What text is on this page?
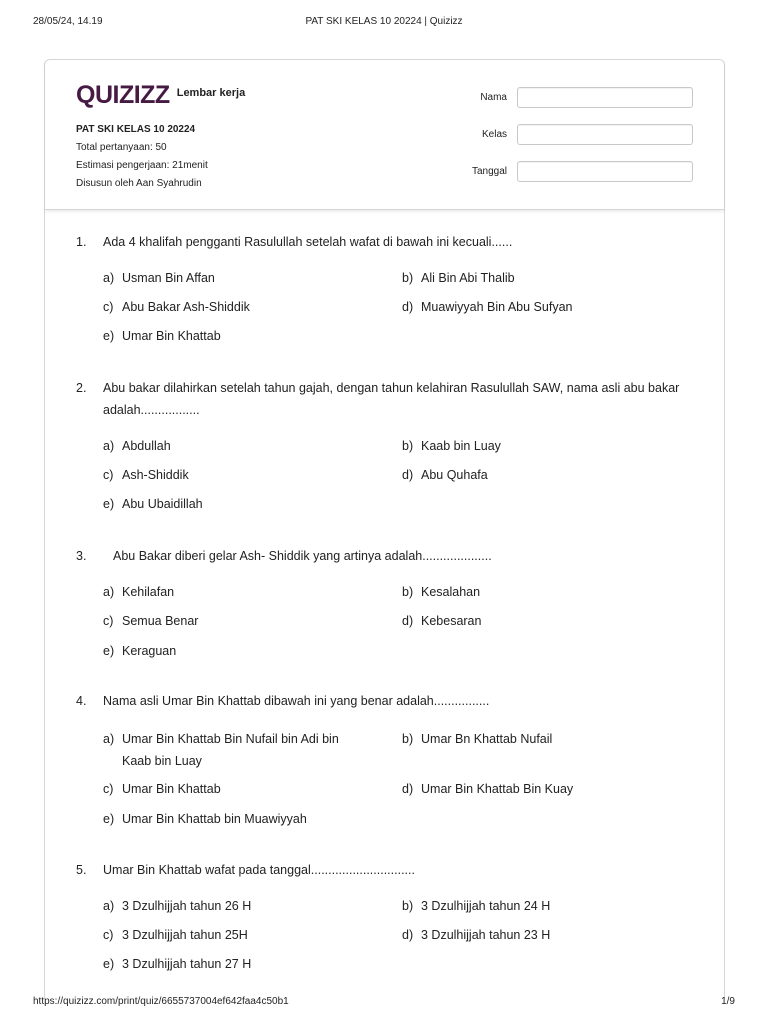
28/05/24, 14.19	PAT SKI KELAS 10 20224 | Quizizz
QUIZIZZ Lembar kerja
PAT SKI KELAS 10 20224
Total pertanyaan: 50
Estimasi pengerjaan: 21menit
Disusun oleh Aan Syahrudin
Nama
Kelas
Tanggal
1. Ada 4 khalifah pengganti Rasulullah setelah wafat di bawah ini kecuali......
a) Usman Bin Affan	b) Ali Bin Abi Thalib
c) Abu Bakar Ash-Shiddik	d) Muawiyyah Bin Abu Sufyan
e) Umar Bin Khattab
2. Abu bakar dilahirkan setelah tahun gajah, dengan tahun kelahiran Rasulullah SAW, nama asli abu bakar adalah.................
a) Abdullah	b) Kaab bin Luay
c) Ash-Shiddik	d) Abu Quhafa
e) Abu Ubaidillah
3. Abu Bakar diberi gelar Ash- Shiddik yang artinya adalah....................
a) Kehilafan	b) Kesalahan
c) Semua Benar	d) Kebesaran
e) Keraguan
4. Nama asli Umar Bin Khattab dibawah ini yang benar adalah................
a) Umar Bin Khattab Bin Nufail bin Adi bin Kaab bin Luay
b) Umar Bn Khattab Nufail
c) Umar Bin Khattab	d) Umar Bin Khattab Bin Kuay
e) Umar Bin Khattab bin Muawiyyah
5. Umar Bin Khattab wafat pada tanggal..............................
a) 3 Dzulhijjah tahun 26 H	b) 3 Dzulhijjah tahun 24 H
c) 3 Dzulhijjah tahun 25H	d) 3 Dzulhijjah tahun 23 H
e) 3 Dzulhijjah tahun 27 H
https://quizizz.com/print/quiz/6655737004ef642faa4c50b1	1/9
